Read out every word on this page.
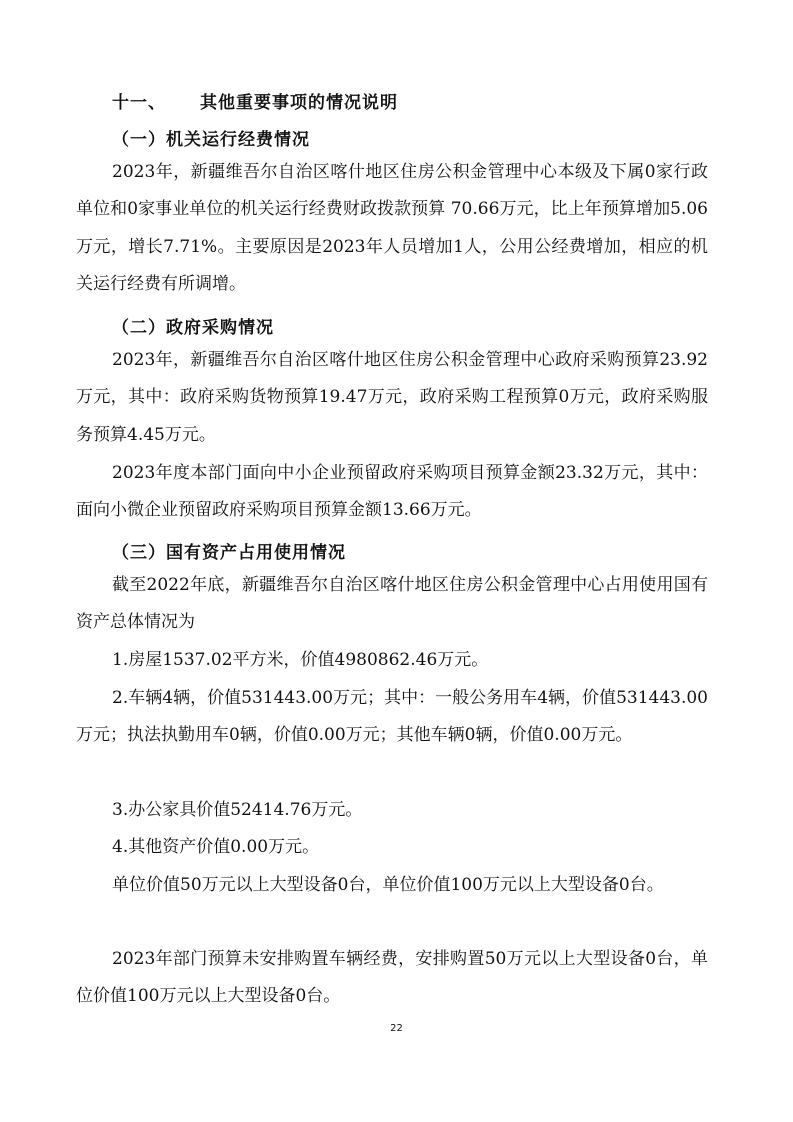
十一、 其他重要事项的情况说明
（一）机关运行经费情况

2023年，新疆维吾尔自治区喀什地区住房公积金管理中心本级及下属0家行政单位和0家事业单位的机关运行经费财政拨款预算 70.66万元，比上年预算增加5.06万元，增长7.71%。主要原因是2023年人员增加1人，公用公经费增加，相应的机关运行经费有所调增。

（二）政府采购情况

2023年，新疆维吾尔自治区喀什地区住房公积金管理中心政府采购预算23.92万元，其中：政府采购货物预算19.47万元，政府采购工程预算0万元，政府采购服务预算4.45万元。

2023年度本部门面向中小企业预留政府采购项目预算金额23.32万元，其中：面向小微企业预留政府采购项目预算金额13.66万元。

（三）国有资产占用使用情况

截至2022年底，新疆维吾尔自治区喀什地区住房公积金管理中心占用使用国有资产总体情况为

1.房屋1537.02平方米，价值4980862.46万元。

2.车辆4辆，价值531443.00万元；其中：一般公务用车4辆，价值531443.00万元；执法执勤用车0辆，价值0.00万元；其他车辆0辆，价值0.00万元。

3.办公家具价值52414.76万元。

4.其他资产价值0.00万元。

单位价值50万元以上大型设备0台，单位价值100万元以上大型设备0台。

2023年部门预算未安排购置车辆经费，安排购置50万元以上大型设备0台，单位价值100万元以上大型设备0台。

22
